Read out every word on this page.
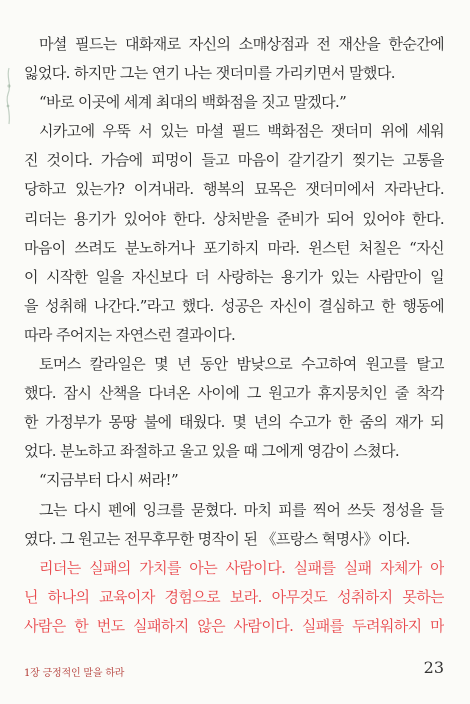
마셜 필드는 대화재로 자신의 소매상점과 전 재산을 한순간에
잃었다. 하지만 그는 연기 나는 잿더미를 가리키면서 말했다.
“바로 이곳에 세계 최대의 백화점을 짓고 말겠다.”
시카고에 우뚝 서 있는 마셜 필드 백화점은 잿더미 위에 세워
진 것이다. 가슴에 피멍이 들고 마음이 갈기갈기 찢기는 고통을
당하고 있는가? 이겨내라. 행복의 묘목은 잿더미에서 자라난다.
리더는 용기가 있어야 한다. 상처받을 준비가 되어 있어야 한다.
마음이 쓰려도 분노하거나 포기하지 마라. 윈스턴 처칠은 “자신
이 시작한 일을 자신보다 더 사랑하는 용기가 있는 사람만이 일
을 성취해 나간다.”라고 했다. 성공은 자신이 결심하고 한 행동에
따라 주어지는 자연스런 결과이다.
토머스 칼라일은 몇 년 동안 밤낮으로 수고하여 원고를 탈고
했다. 잠시 산책을 다녀온 사이에 그 원고가 휴지뭉치인 줄 착각
한 가정부가 몽땅 불에 태웠다. 몇 년의 수고가 한 줌의 재가 되
었다. 분노하고 좌절하고 울고 있을 때 그에게 영감이 스쳤다.
“지금부터 다시 써라!”
그는 다시 펜에 잉크를 묻혔다. 마치 피를 찍어 쓰듯 정성을 들
였다. 그 원고는 전무후무한 명작이 된 《프랑스 혁명사》이다.
리더는 실패의 가치를 아는 사람이다. 실패를 실패 자체가 아
닌 하나의 교육이자 경험으로 보라. 아무것도 성취하지 못하는
사람은 한 번도 실패하지 않은 사람이다. 실패를 두려워하지 마
1장 긍정적인 말을 하라	23
